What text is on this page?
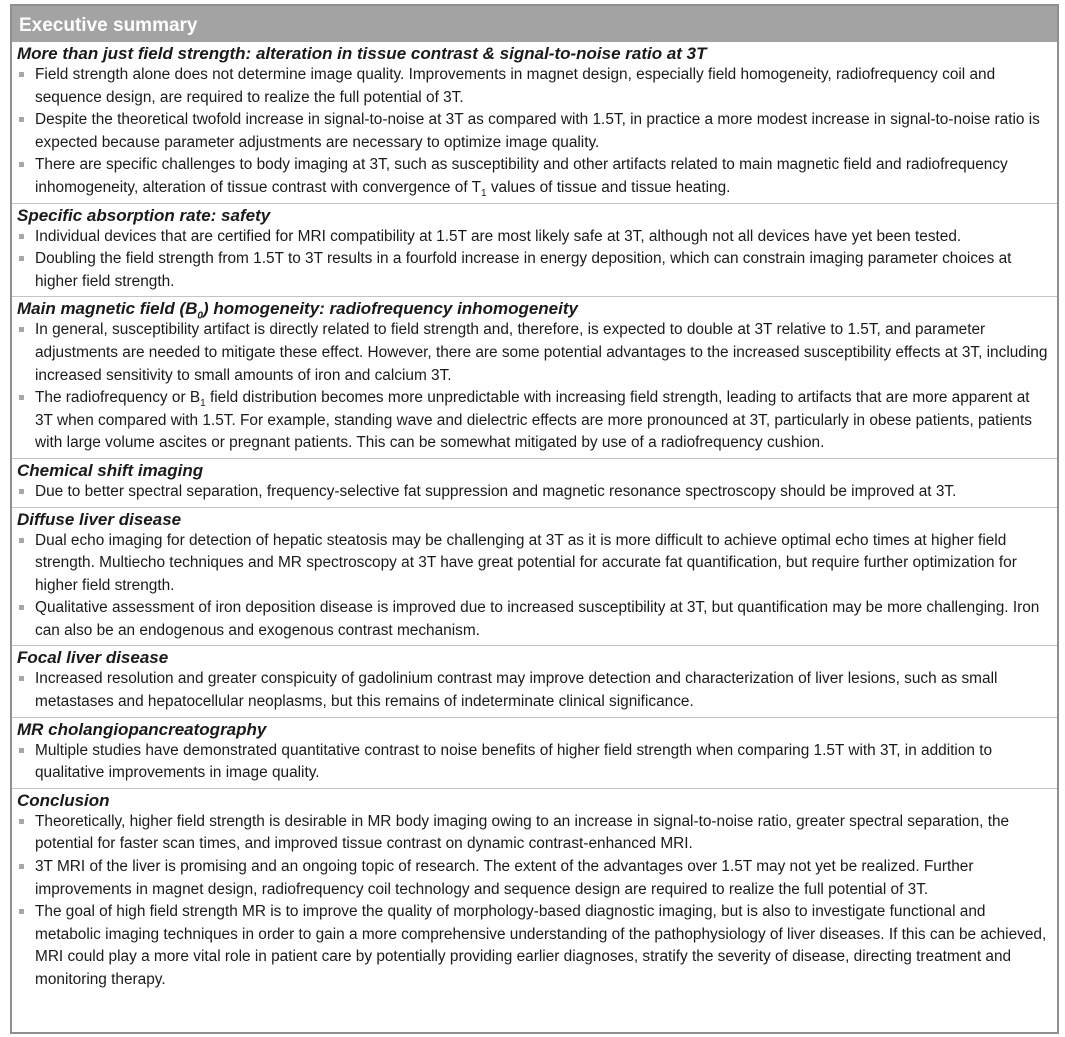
Executive summary
More than just field strength: alteration in tissue contrast & signal-to-noise ratio at 3T
Field strength alone does not determine image quality. Improvements in magnet design, especially field homogeneity, radiofrequency coil and sequence design, are required to realize the full potential of 3T.
Despite the theoretical twofold increase in signal-to-noise at 3T as compared with 1.5T, in practice a more modest increase in signal-to-noise ratio is expected because parameter adjustments are necessary to optimize image quality.
There are specific challenges to body imaging at 3T, such as susceptibility and other artifacts related to main magnetic field and radiofrequency inhomogeneity, alteration of tissue contrast with convergence of $T_1$ values of tissue and tissue heating.
Specific absorption rate: safety
Individual devices that are certified for MRI compatibility at 1.5T are most likely safe at 3T, although not all devices have yet been tested.
Doubling the field strength from 1.5T to 3T results in a fourfold increase in energy deposition, which can constrain imaging parameter choices at higher field strength.
Main magnetic field $(B_0)$ homogeneity: radiofrequency inhomogeneity
In general, susceptibility artifact is directly related to field strength and, therefore, is expected to double at 3T relative to 1.5T, and parameter adjustments are needed to mitigate these effect. However, there are some potential advantages to the increased susceptibility effects at 3T, including increased sensitivity to small amounts of iron and calcium 3T.
The radiofrequency or $B_1$ field distribution becomes more unpredictable with increasing field strength, leading to artifacts that are more apparent at 3T when compared with 1.5T. For example, standing wave and dielectric effects are more pronounced at 3T, particularly in obese patients, patients with large volume ascites or pregnant patients. This can be somewhat mitigated by use of a radiofrequency cushion.
Chemical shift imaging
Due to better spectral separation, frequency-selective fat suppression and magnetic resonance spectroscopy should be improved at 3T.
Diffuse liver disease
Dual echo imaging for detection of hepatic steatosis may be challenging at 3T as it is more difficult to achieve optimal echo times at higher field strength. Multiecho techniques and MR spectroscopy at 3T have great potential for accurate fat quantification, but require further optimization for higher field strength.
Qualitative assessment of iron deposition disease is improved due to increased susceptibility at 3T, but quantification may be more challenging. Iron can also be an endogenous and exogenous contrast mechanism.
Focal liver disease
Increased resolution and greater conspicuity of gadolinium contrast may improve detection and characterization of liver lesions, such as small metastases and hepatocellular neoplasms, but this remains of indeterminate clinical significance.
MR cholangiopancreatography
Multiple studies have demonstrated quantitative contrast to noise benefits of higher field strength when comparing 1.5T with 3T, in addition to qualitative improvements in image quality.
Conclusion
Theoretically, higher field strength is desirable in MR body imaging owing to an increase in signal-to-noise ratio, greater spectral separation, the potential for faster scan times, and improved tissue contrast on dynamic contrast-enhanced MRI.
3T MRI of the liver is promising and an ongoing topic of research. The extent of the advantages over 1.5T may not yet be realized. Further improvements in magnet design, radiofrequency coil technology and sequence design are required to realize the full potential of 3T.
The goal of high field strength MR is to improve the quality of morphology-based diagnostic imaging, but is also to investigate functional and metabolic imaging techniques in order to gain a more comprehensive understanding of the pathophysiology of liver diseases. If this can be achieved, MRI could play a more vital role in patient care by potentially providing earlier diagnoses, stratify the severity of disease, directing treatment and monitoring therapy.
